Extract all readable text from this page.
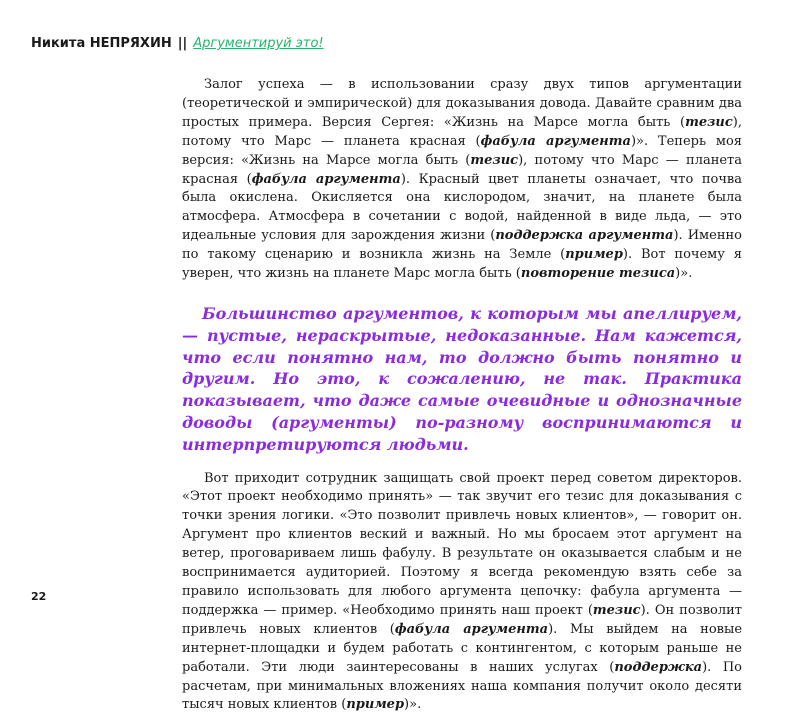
Никита НЕПРЯХИН || Аргументируй это!

Залог успеха — в использовании сразу двух типов аргументации (теоретической и эмпирической) для доказывания довода. Давайте сравним два простых примера. Версия Сергея: «Жизнь на Марсе могла быть (тезис), потому что Марс — планета красная (фабула аргумента)». Теперь моя версия: «Жизнь на Марсе могла быть (тезис), потому что Марс — планета красная (фабула аргумента). Красный цвет планеты означает, что почва была окислена. Окисляется она кислородом, значит, на планете была атмосфера. Атмосфера в сочетании с водой, найденной в виде льда, — это идеальные условия для зарождения жизни (поддержка аргумента). Именно по такому сценарию и возникла жизнь на Земле (пример). Вот почему я уверен, что жизнь на планете Марс могла быть (повторение тезиса)».

Большинство аргументов, к которым мы апеллируем, — пустые, нераскрытые, недоказанные. Нам кажется, что если понятно нам, то должно быть понятно и другим. Но это, к сожалению, не так. Практика показывает, что даже самые очевидные и однозначные доводы (аргументы) по-разному воспринимаются и интерпретируются людьми.

Вот приходит сотрудник защищать свой проект перед советом директоров. «Этот проект необходимо принять» — так звучит его тезис для доказывания с точки зрения логики. «Это позволит привлечь новых клиентов», — говорит он. Аргумент про клиентов веский и важный. Но мы бросаем этот аргумент на ветер, проговариваем лишь фабулу. В результате он оказывается слабым и не воспринимается аудиторией. Поэтому я всегда рекомендую взять себе за правило использовать для любого аргумента цепочку: фабула аргумента — поддержка — пример. «Необходимо принять наш проект (тезис). Он позволит привлечь новых клиентов (фабула аргумента). Мы выйдем на новые интернет-площадки и будем работать с контингентом, с которым раньше не работали. Эти люди заинтересованы в наших услугах (поддержка). По расчетам, при минимальных вложениях наша компания получит около десяти тысяч новых клиентов (пример)».

22
